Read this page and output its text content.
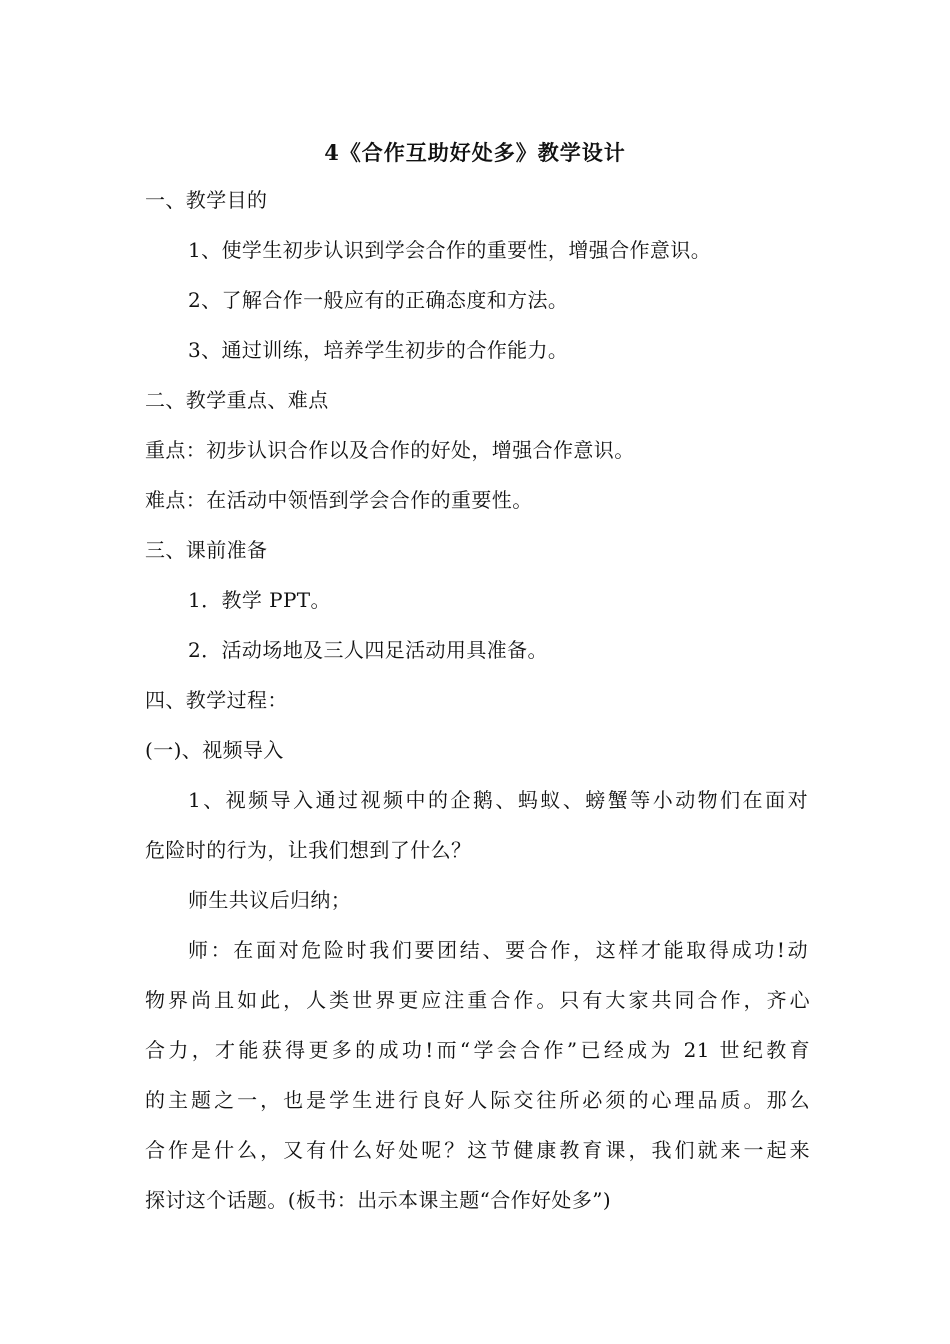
4《合作互助好处多》教学设计
一、教学目的
1、使学生初步认识到学会合作的重要性，增强合作意识。
2、了解合作一般应有的正确态度和方法。
3、通过训练，培养学生初步的合作能力。
二、教学重点、难点
重点：初步认识合作以及合作的好处，增强合作意识。
难点：在活动中领悟到学会合作的重要性。
三、课前准备
1．教学 PPT。
2．活动场地及三人四足活动用具准备。
四、教学过程：
(一)、视频导入
1、视频导入通过视频中的企鹅、蚂蚁、螃蟹等小动物们在面对
危险时的行为，让我们想到了什么？
师生共议后归纳；
师：在面对危险时我们要团结、要合作，这样才能取得成功!动
物界尚且如此，人类世界更应注重合作。只有大家共同合作，齐心
合力，才能获得更多的成功!而“学会合作”已经成为 21 世纪教育
的主题之一，也是学生进行良好人际交往所必须的心理品质。那么
合作是什么，又有什么好处呢？这节健康教育课，我们就来一起来
探讨这个话题。(板书：出示本课主题“合作好处多”)
